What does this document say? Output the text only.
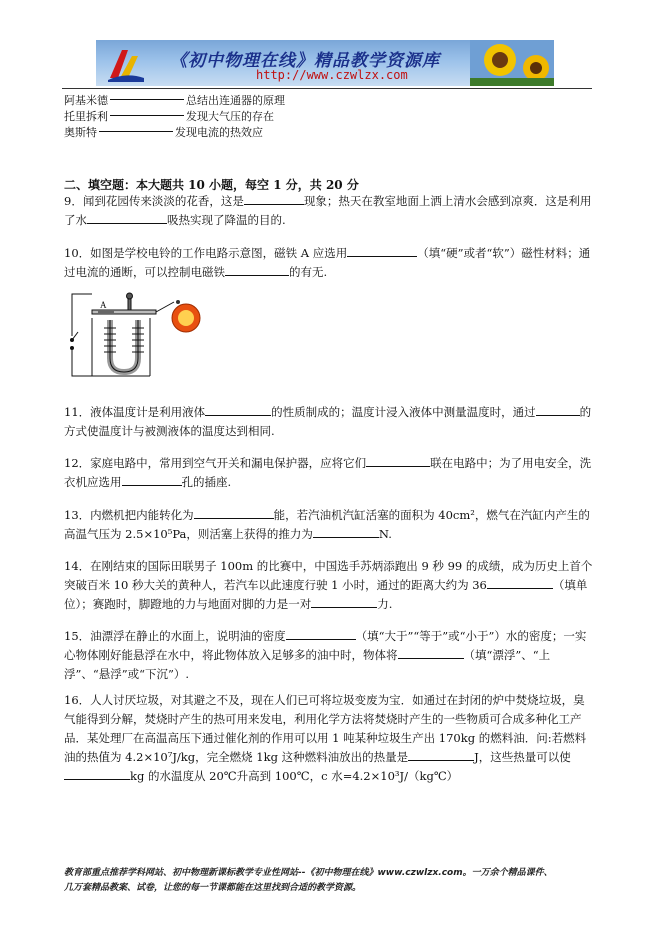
《初中物理在线》精品教学资源库
http://www.czwlzx.com
阿基米德	总结出连通器的原理
托里拆利	发现大气压的存在
奥斯特	发现电流的热效应
二、填空题：本大题共 10 小题，每空 1 分，共 20 分
9．闻到花园传来淡淡的花香，这是	现象；热天在教室地面上洒上清水会感到凉爽．这是利用了水	吸热实现了降温的目的.
10．如图是学校电铃的工作电路示意图，磁铁 A 应选用	（填“硬”或者“软”）磁性材料；通过电流的通断，可以控制电磁铁	的有无.
A
11．液体温度计是利用液体	的性质制成的；温度计浸入液体中测量温度时，通过	的方式使温度计与被测液体的温度达到相同.
12．家庭电路中，常用到空气开关和漏电保护器，应将它们	联在电路中；为了用电安全，洗衣机应选用	孔的插座.
13．内燃机把内能转化为	能，若汽油机汽缸活塞的面积为 40cm²，燃气在汽缸内产生的高温气压为 2.5×10⁵Pa，则活塞上获得的推力为	N.
14．在刚结束的国际田联男子 100m 的比赛中，中国选手苏炳添跑出 9 秒 99 的成绩，成为历史上首个突破百米 10 秒大关的黄种人，若汽车以此速度行驶 1 小时，通过的距离大约为 36	（填单位）；赛跑时，脚蹬地的力与地面对脚的力是一对	力.
15．油漂浮在静止的水面上，说明油的密度	（填“大于”“等于”或“小于”）水的密度；一实心物体刚好能悬浮在水中，将此物体放入足够多的油中时，物体将	（填“漂浮”、“上浮”、“悬浮”或“下沉”）.
16．人人讨厌垃圾，对其避之不及，现在人们已可将垃圾变废为宝．如通过在封闭的炉中焚烧垃圾，臭气能得到分解，焚烧时产生的热可用来发电，利用化学方法将焚烧时产生的一些物质可合成多种化工产品．某处理厂在高温高压下通过催化剂的作用可以用 1 吨某种垃圾生产出 170kg 的燃料油．问:若燃料油的热值为 4.2×10⁷J/kg，完全燃烧 1kg 这种燃料油放出的热量是	J，这些热量可以使kg 的水温度从 20℃升高到 100℃，c 水=4.2×10³J/（kg℃）
教育部重点推荐学科网站、初中物理新课标教学专业性网站--《初中物理在线》www.czwlzx.com。一万余个精品课件、
几万套精品教案、试卷，让您的每一节课都能在这里找到合适的教学资源。
